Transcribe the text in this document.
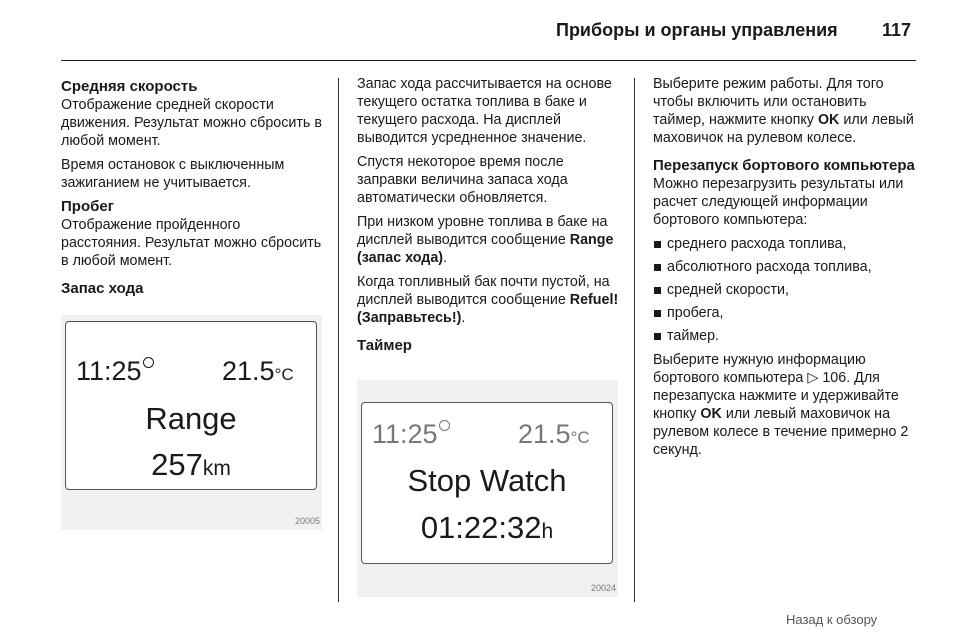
Приборы и органы управления 117
Средняя скорость

Отображение средней скорости движения. Результат можно сбросить в любой момент.

Время остановок с выключенным зажиганием не учитывается.

Пробег

Отображение пройденного расстояния. Результат можно сбросить в любой момент.

Запас хода
11:25	21.5°C
Range
257km
20005

Запас хода рассчитывается на основе текущего остатка топлива в баке и текущего расхода. На дисплей выводится усредненное значение.

Спустя некоторое время после заправки величина запаса хода автоматически обновляется.

При низком уровне топлива в баке на дисплей выводится сообщение Range (запас хода).

Когда топливный бак почти пустой, на дисплей выводится сообщение Refuel! (Заправьтесь!).

Таймер
11:25	21.5°C
Stop Watch
01:22:32h
20024

Выберите режим работы. Для того чтобы включить или остановить таймер, нажмите кнопку OK или левый маховичок на рулевом колесе.

Перезапуск бортового компьютера

Можно перезагрузить результаты или расчет следующей информации бортового компьютера:

среднего расхода топлива,
абсолютного расхода топлива,
средней скорости,
пробега,
таймер.

Выберите нужную информацию бортового компьютера ▷ 106. Для перезапуска нажмите и удерживайте кнопку OK или левый маховичок на рулевом колесе в течение примерно 2 секунд.

Назад к обзору
